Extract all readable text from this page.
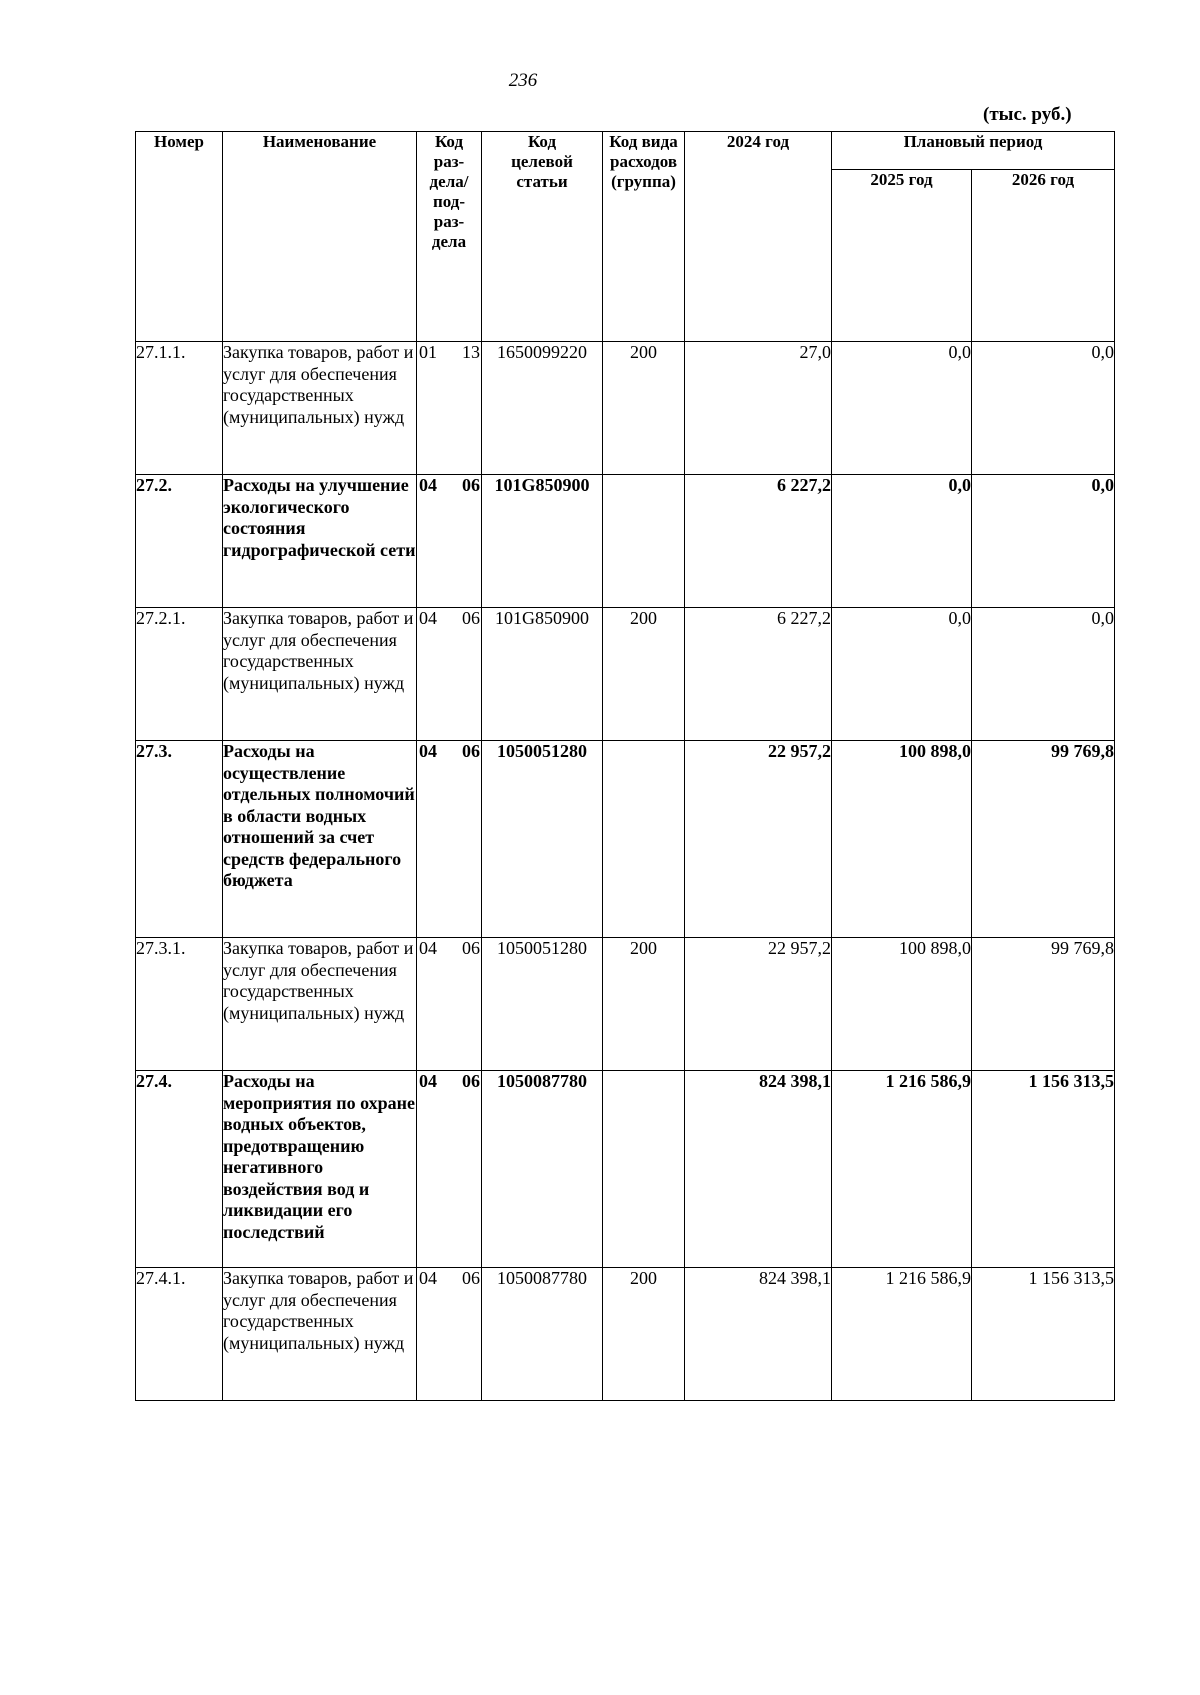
236
(тыс. руб.)
Номер	Наименование	Код раз-дела/ под-раз-дела	Код целевой статьи	Код вида расходов (группа)	2024 год	Плановый период	
						2025 год	2026 год
27.1.1.	Закупка товаров, работ и услуг для обеспечения государственных (муниципальных) нужд	01 13	1650099220	200	27,0	0,0	0,0
27.2.	Расходы на улучшение экологического состояния гидрографической сети	04 06	101G850900		6 227,2	0,0	0,0
27.2.1.	Закупка товаров, работ и услуг для обеспечения государственных (муниципальных) нужд	04 06	101G850900	200	6 227,2	0,0	0,0
27.3.	Расходы на осуществление отдельных полномочий в области водных отношений за счет средств федерального бюджета	04 06	1050051280		22 957,2	100 898,0	99 769,8
27.3.1.	Закупка товаров, работ и услуг для обеспечения государственных (муниципальных) нужд	04 06	1050051280	200	22 957,2	100 898,0	99 769,8
27.4.	Расходы на мероприятия по охране водных объектов, предотвращению негативного воздействия вод и ликвидации его последствий	04 06	1050087780		824 398,1	1 216 586,9	1 156 313,5
27.4.1.	Закупка товаров, работ и услуг для обеспечения государственных (муниципальных) нужд	04 06	1050087780	200	824 398,1	1 216 586,9	1 156 313,5
